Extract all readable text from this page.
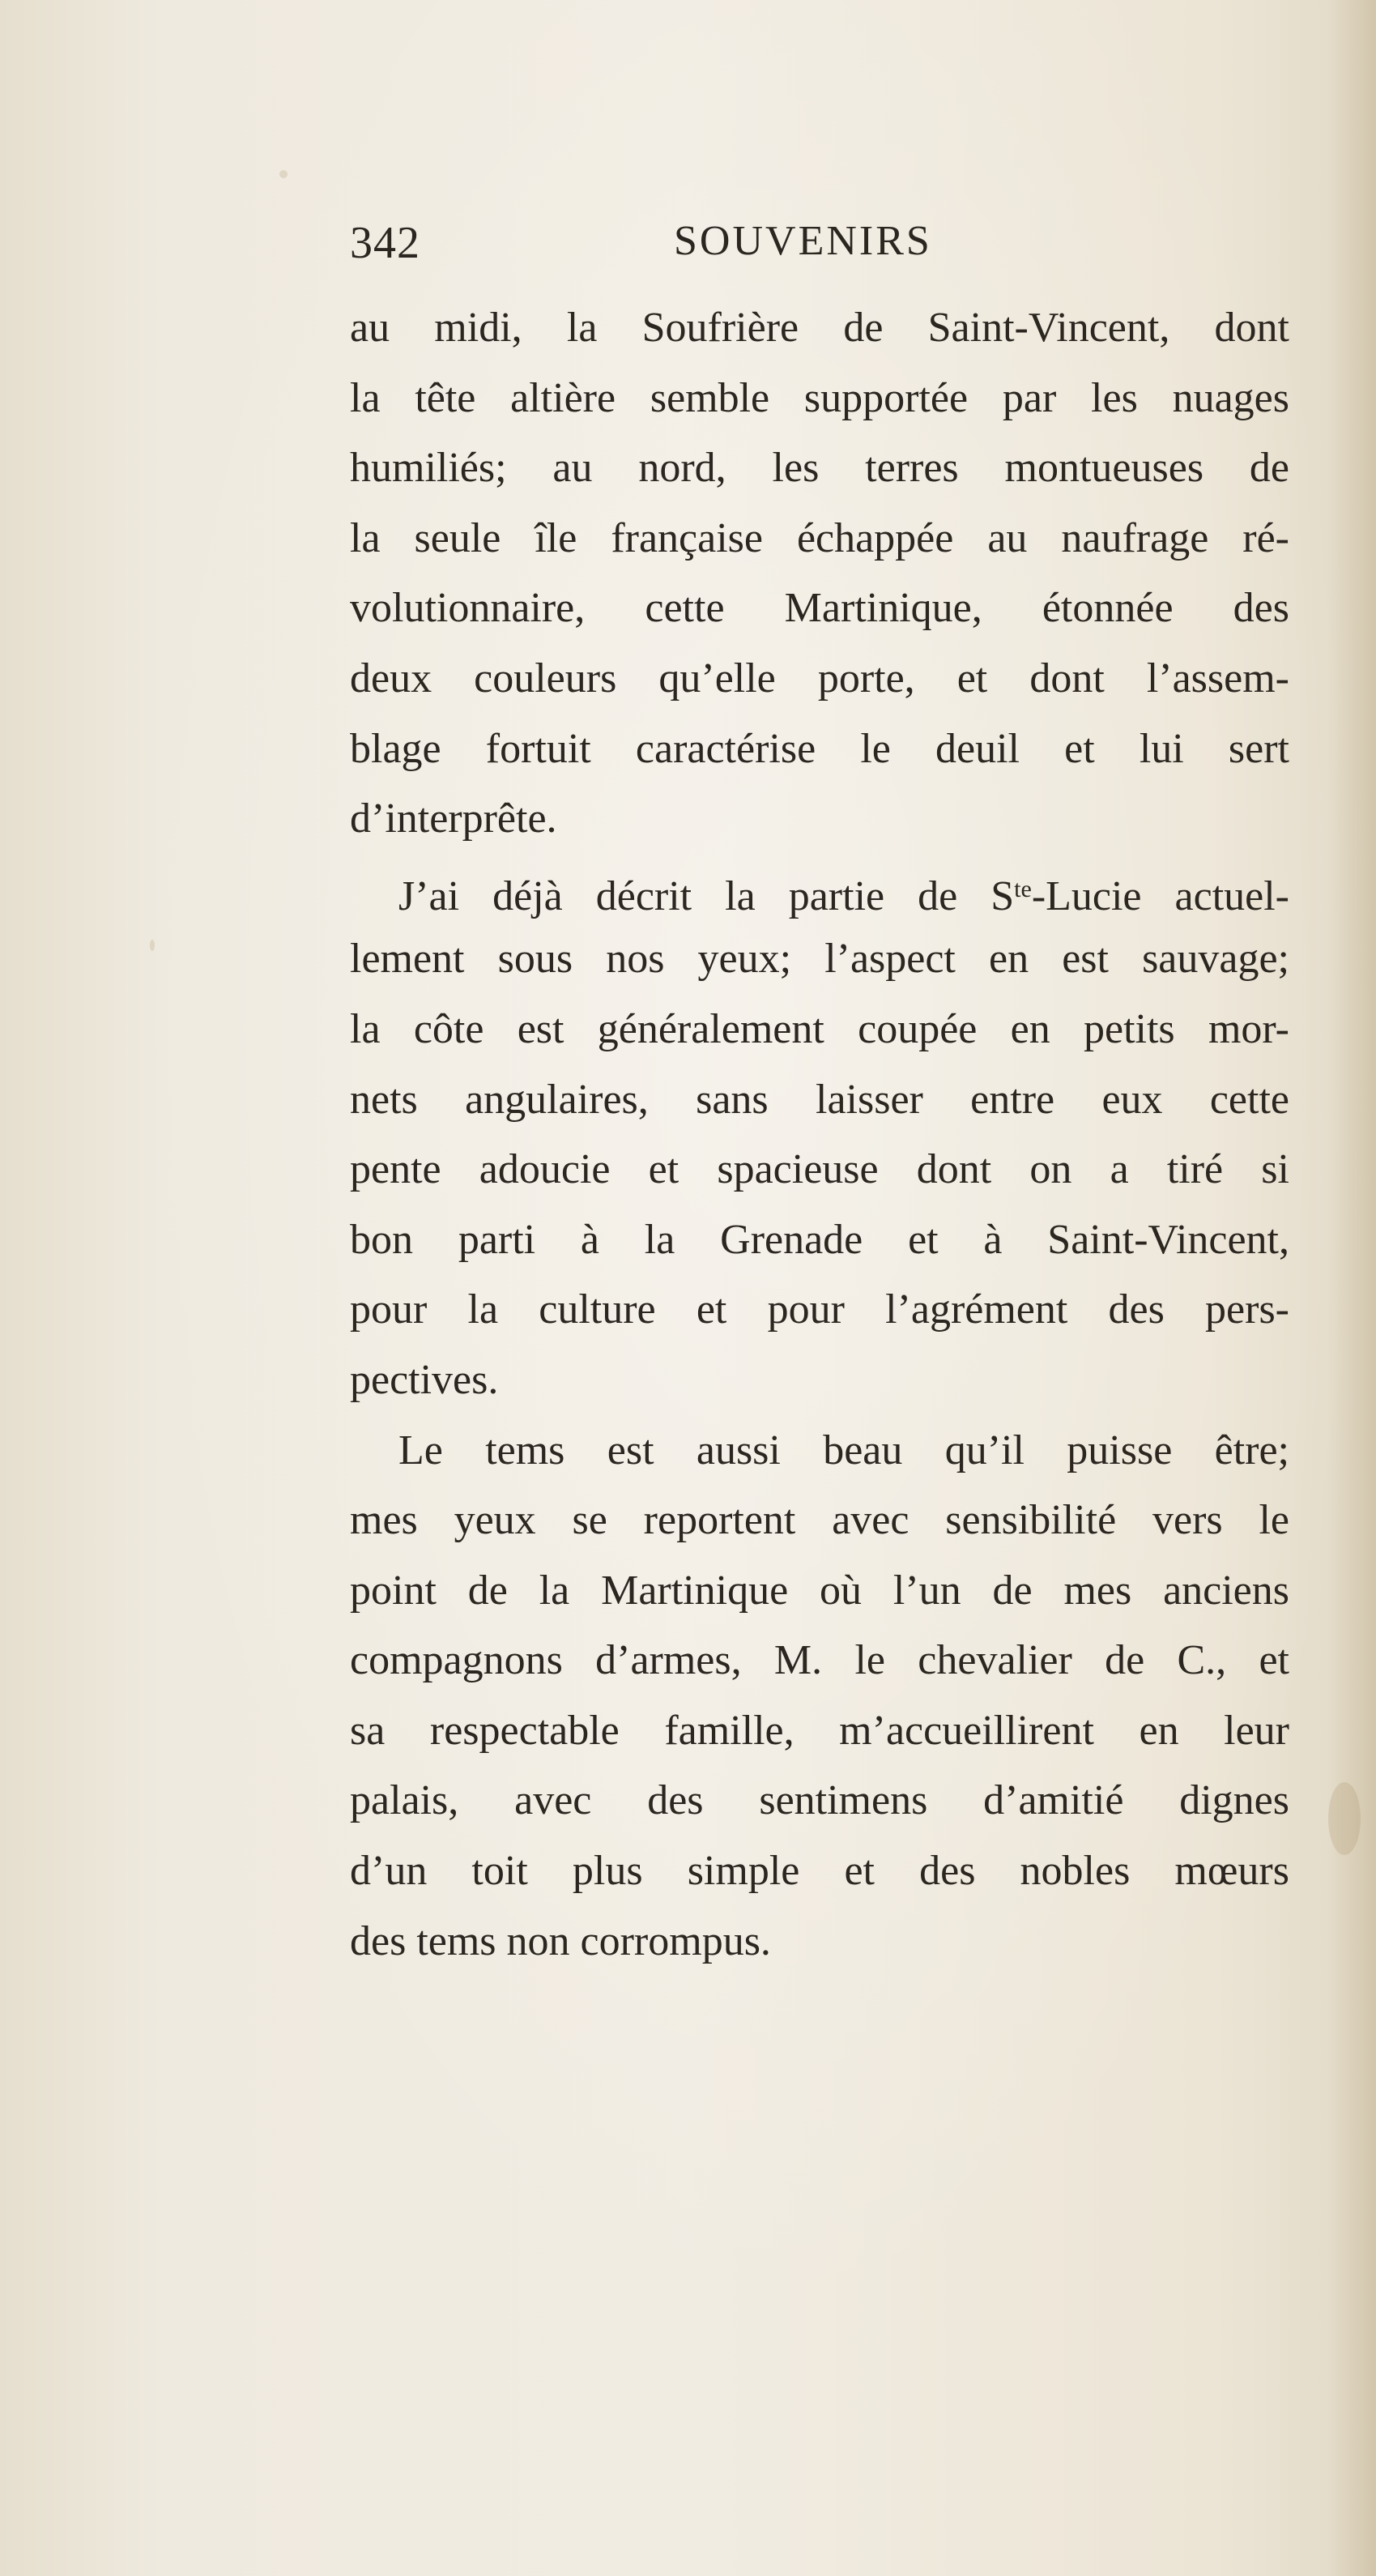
342	SOUVENIRS
au midi, la Soufrière de Saint-Vincent, dont
la tête altière semble supportée par les nuages
humiliés; au nord, les terres montueuses de
la seule île française échappée au naufrage ré-
volutionnaire, cette Martinique, étonnée des
deux couleurs qu’elle porte, et dont l’assem-
blage fortuit caractérise le deuil et lui sert
d’interprête.
J’ai déjà décrit la partie de $S^{te}$-Lucie actuel-
lement sous nos yeux; l’aspect en est sauvage;
la côte est généralement coupée en petits mor-
nets angulaires, sans laisser entre eux cette
pente adoucie et spacieuse dont on a tiré si
bon parti à la Grenade et à Saint-Vincent,
pour la culture et pour l’agrément des pers-
pectives.
Le tems est aussi beau qu’il puisse être;
mes yeux se reportent avec sensibilité vers le
point de la Martinique où l’un de mes anciens
compagnons d’armes, M. le chevalier de C., et
sa respectable famille, m’accueillirent en leur
palais, avec des sentimens d’amitié dignes
d’un toit plus simple et des nobles mœurs
des tems non corrompus.
